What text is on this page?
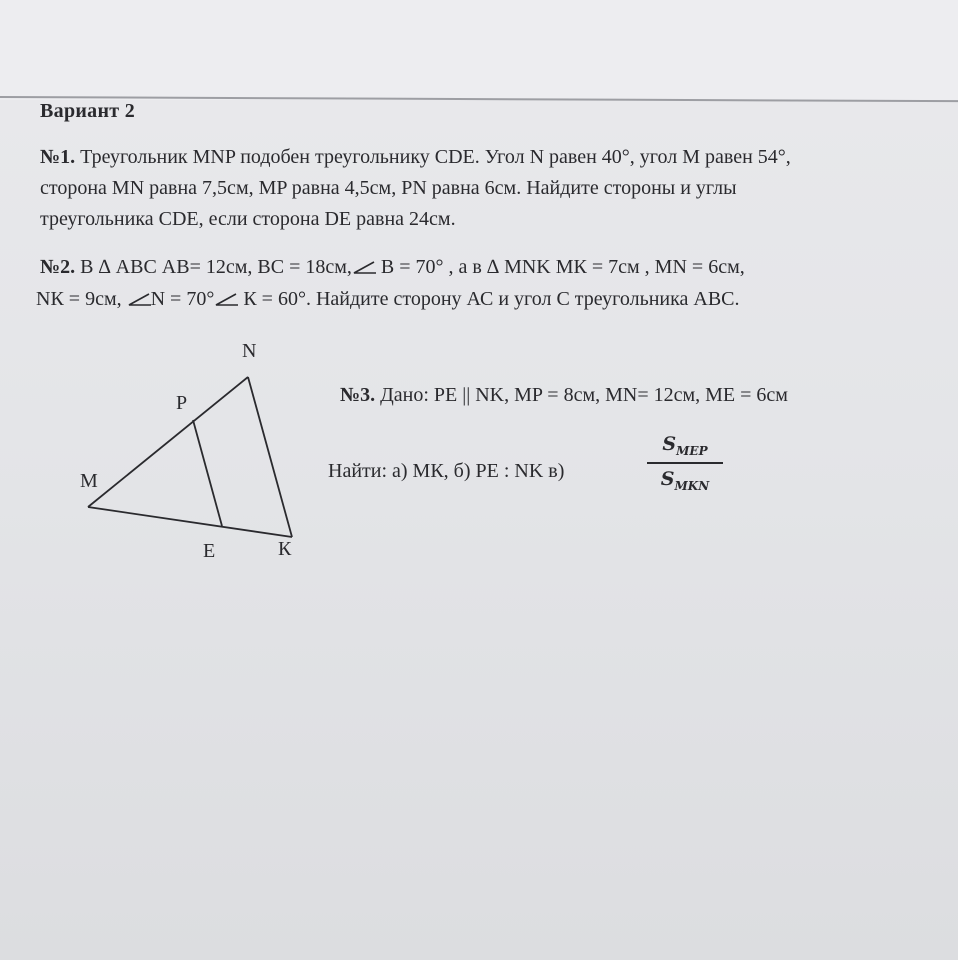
Вариант 2
№1. Треугольник MNP подобен треугольнику CDE. Угол N равен 40°, угол М равен 54°,
сторона MN равна 7,5см, MP равна 4,5см, PN равна 6см. Найдите стороны и углы
треугольника CDE, если сторона DE равна 24см.
№2. В ∆ АВС АВ= 12см, ВС = 18см,
В = 70° , а в ∆ MNK МК = 7см , MN = 6см,
NК = 9см,
N = 70°
К = 60°. Найдите сторону АС и угол С треугольника АВС.
N
P
M
E	К
№3. Дано: PE || NK, MP = 8см, MN= 12см, ME = 6см
Найти: а) МК, б) PE : NK в)
$S_{MEP}$
$S_{MKN}$
